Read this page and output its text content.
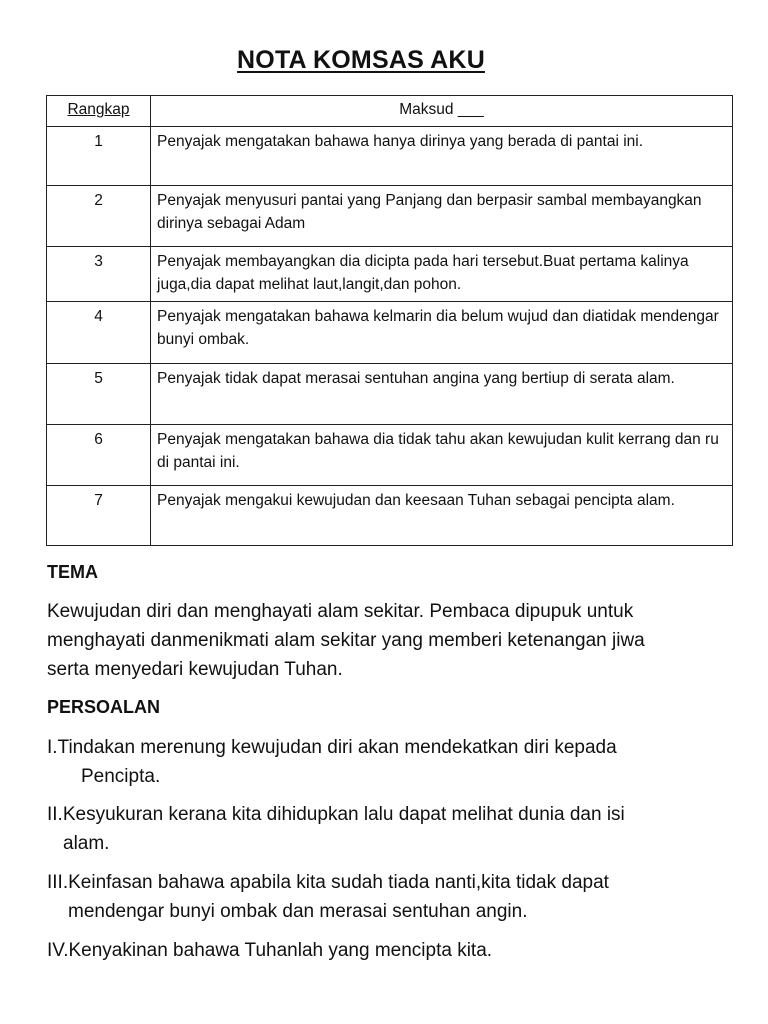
NOTA KOMSAS AKU
Rangkap	Maksud ___
1	Penyajak mengatakan bahawa hanya dirinya yang berada di pantai ini.
2	Penyajak menyusuri pantai yang Panjang dan berpasir sambal membayangkan dirinya sebagai Adam
3	Penyajak membayangkan dia dicipta pada hari tersebut.Buat pertama kalinya juga,dia dapat melihat laut,langit,dan pohon.
4	Penyajak mengatakan bahawa kelmarin dia belum wujud dan diatidak mendengar bunyi ombak.
5	Penyajak tidak dapat merasai sentuhan angina yang bertiup di serata alam.
6	Penyajak mengatakan bahawa dia tidak tahu akan kewujudan kulit kerrang dan ru di pantai ini.
7	Penyajak mengakui kewujudan dan keesaan Tuhan sebagai pencipta alam.
TEMA
Kewujudan diri dan menghayati alam sekitar. Pembaca dipupuk untuk
menghayati danmenikmati alam sekitar yang memberi ketenangan jiwa
serta menyedari kewujudan Tuhan.
PERSOALAN
I.Tindakan merenung kewujudan diri akan mendekatkan diri kepada
Pencipta.
II.Kesyukuran kerana kita dihidupkan lalu dapat melihat dunia dan isi
alam.
III.Keinfasan bahawa apabila kita sudah tiada nanti,kita tidak dapat
mendengar bunyi ombak dan merasai sentuhan angin.
IV.Kenyakinan bahawa Tuhanlah yang mencipta kita.
